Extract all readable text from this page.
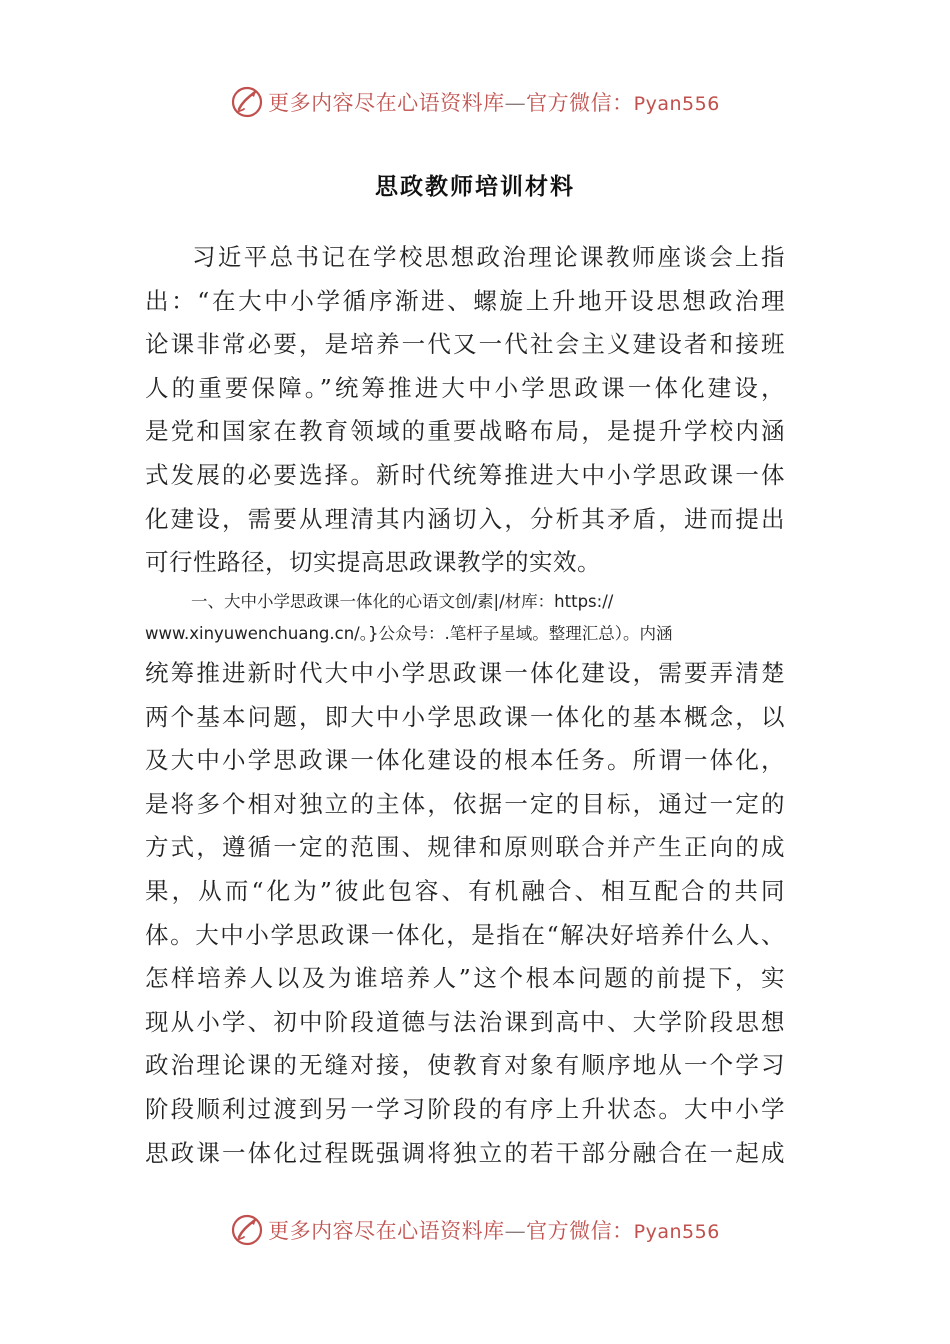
更多内容尽在心语资料库—官方微信：Pyan556
思政教师培训材料
习近平总书记在学校思想政治理论课教师座谈会上指
出：“在大中小学循序渐进、螺旋上升地开设思想政治理
论课非常必要，是培养一代又一代社会主义建设者和接班
人的重要保障。”统筹推进大中小学思政课一体化建设，
是党和国家在教育领域的重要战略布局，是提升学校内涵
式发展的必要选择。新时代统筹推进大中小学思政课一体
化建设，需要从理清其内涵切入，分析其矛盾，进而提出
可行性路径，切实提高思政课教学的实效。
一、大中小学思政课一体化的心语文创/素|/材库：https://
www.xinyuwenchuang.cn/。}公众号：.笔杆子星域。整理汇总）。内涵
统筹推进新时代大中小学思政课一体化建设，需要弄清楚
两个基本问题，即大中小学思政课一体化的基本概念，以
及大中小学思政课一体化建设的根本任务。所谓一体化，
是将多个相对独立的主体，依据一定的目标，通过一定的
方式，遵循一定的范围、规律和原则联合并产生正向的成
果，从而“化为”彼此包容、有机融合、相互配合的共同
体。大中小学思政课一体化，是指在“解决好培养什么人、
怎样培养人以及为谁培养人”这个根本问题的前提下，实
现从小学、初中阶段道德与法治课到高中、大学阶段思想
政治理论课的无缝对接，使教育对象有顺序地从一个学习
阶段顺利过渡到另一学习阶段的有序上升状态。大中小学
思政课一体化过程既强调将独立的若干部分融合在一起成
更多内容尽在心语资料库—官方微信：Pyan556
